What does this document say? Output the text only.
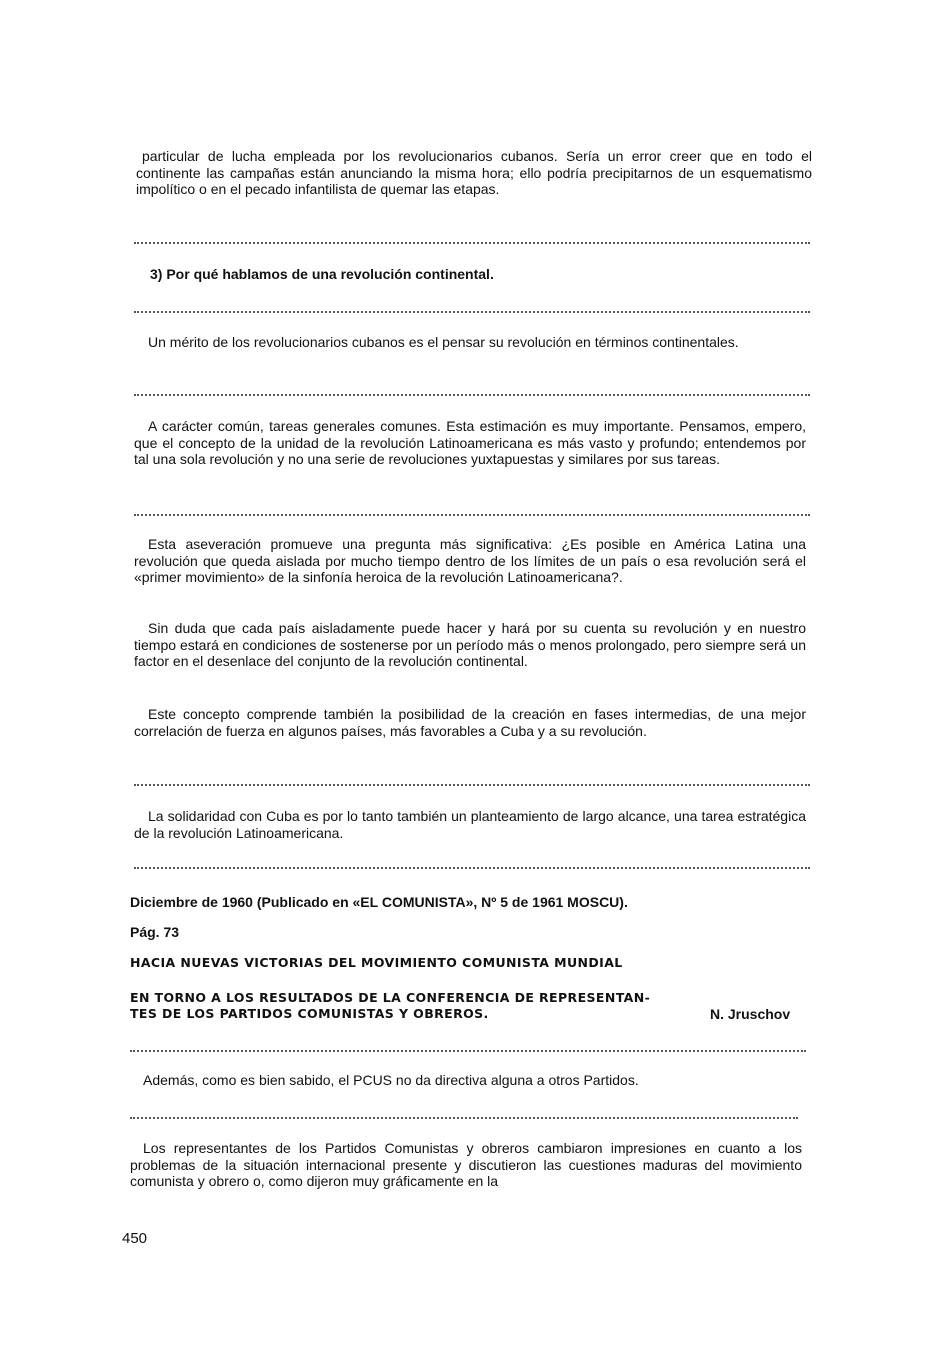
particular de lucha empleada por los revolucionarios cubanos. Sería un error creer que en todo el continente las campañas están anunciando la misma hora; ello podría precipitarnos de un esquematismo impolítico o en el pecado infantilista de quemar las etapas.

3) Por qué hablamos de una revolución continental.

Un mérito de los revolucionarios cubanos es el pensar su revolución en términos continentales.

A carácter común, tareas generales comunes. Esta estimación es muy importante. Pensamos, empero, que el concepto de la unidad de la revolución Latinoamericana es más vasto y profundo; entendemos por tal una sola revolución y no una serie de revoluciones yuxtapuestas y similares por sus tareas.

Esta aseveración promueve una pregunta más significativa: ¿Es posible en América Latina una revolución que queda aislada por mucho tiempo dentro de los límites de un país o esa revolución será el «primer movimiento» de la sinfonía heroica de la revolución Latinoamericana?.

Sin duda que cada país aisladamente puede hacer y hará por su cuenta su revolución y en nuestro tiempo estará en condiciones de sostenerse por un período más o menos prolongado, pero siempre será un factor en el desenlace del conjunto de la revolución continental.

Este concepto comprende también la posibilidad de la creación en fases intermedias, de una mejor correlación de fuerza en algunos países, más favorables a Cuba y a su revolución.

La solidaridad con Cuba es por lo tanto también un planteamiento de largo alcance, una tarea estratégica de la revolución Latinoamericana.

Diciembre de 1960 (Publicado en «EL COMUNISTA», Nº 5 de 1961 MOSCU).

Pág. 73

HACIA NUEVAS VICTORIAS DEL MOVIMIENTO COMUNISTA MUNDIAL

EN TORNO A LOS RESULTADOS DE LA CONFERENCIA DE REPRESENTAN-

TES DE LOS PARTIDOS COMUNISTAS Y OBREROS.	N. Jruschov

Además, como es bien sabido, el PCUS no da directiva alguna a otros Partidos.

Los representantes de los Partidos Comunistas y obreros cambiaron impresiones en cuanto a los problemas de la situación internacional presente y discutieron las cuestiones maduras del movimiento comunista y obrero o, como dijeron muy gráficamente en la

450
